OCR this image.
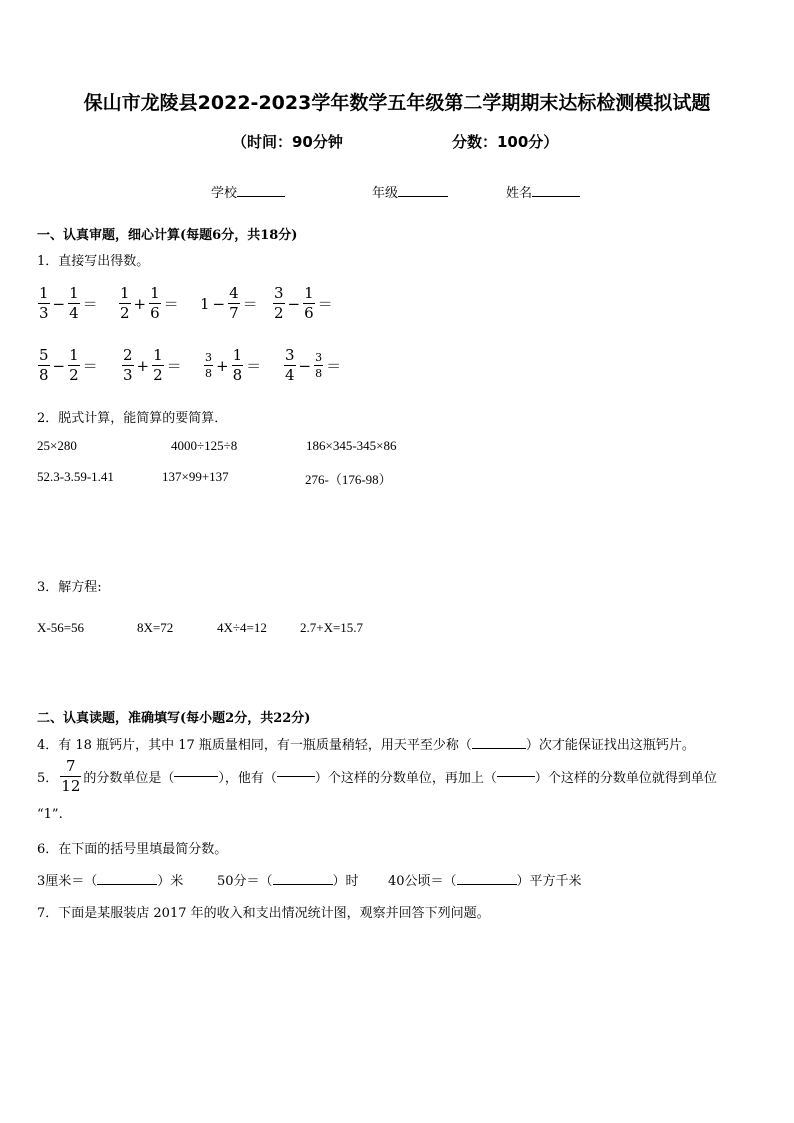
保山市龙陵县2022-2023学年数学五年级第二学期期末达标检测模拟试题
（时间：90分钟	分数：100分）
学校	年级	姓名
一、认真审题，细心计算(每题6分，共18分)
1．直接写出得数。
$\frac{1}{3} - \frac{1}{4} = \frac{1}{2} + \frac{1}{6} = 1 - \frac{4}{7} = \frac{3}{2} - \frac{1}{6}$ ＝
$\frac{5}{8} - \frac{1}{2} = \frac{2}{3} + \frac{1}{2} = \frac{3}{8} + \frac{1}{8} = \frac{3}{4} - \frac{3}{8}$ ＝
2．脱式计算，能简算的要简算．
25×280	4000÷125÷8	186×345-345×86
52.3-3.59-1.41	137×99+137	276-（176-98）
3．解方程:
X-56=56	8X=72	4X÷4=12	2.7+X=15.7
二、认真读题，准确填写(每小题2分，共22分)
4．有 18 瓶钙片，其中 17 瓶质量相同，有一瓶质量稍轻，用天平至少称（	）次才能保证找出这瓶钙片。
5． $\frac{7}{12}$ 的分数单位是（	），他有（	）个这样的分数单位，再加上（	）个这样的分数单位就得到单位
“1”.
6．在下面的括号里填最简分数。
3厘米＝（	）米	50分＝（	）时 40公顷＝（	）平方千米
7．下面是某服装店 2017 年的收入和支出情况统计图，观察并回答下列问题。
